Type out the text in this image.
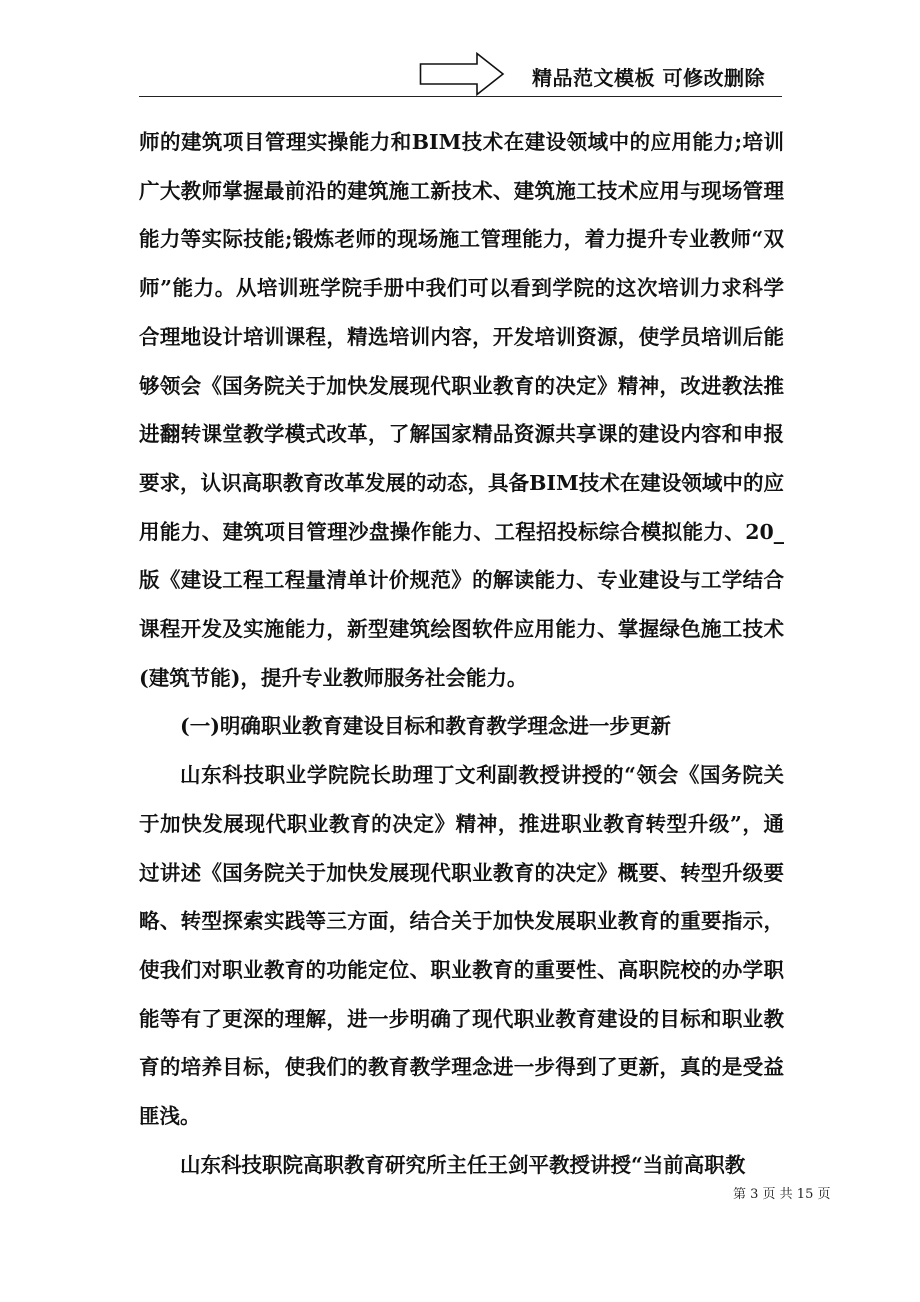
精品范文模板 可修改删除

师的建筑项目管理实操能力和BIM技术在建设领域中的应用能力;培训广大教师掌握最前沿的建筑施工新技术、建筑施工技术应用与现场管理能力等实际技能;锻炼老师的现场施工管理能力，着力提升专业教师“双师”能力。从培训班学院手册中我们可以看到学院的这次培训力求科学合理地设计培训课程，精选培训内容，开发培训资源，使学员培训后能够领会《国务院关于加快发展现代职业教育的决定》精神，改进教法推进翻转课堂教学模式改革，了解国家精品资源共享课的建设内容和申报要求，认识高职教育改革发展的动态，具备BIM技术在建设领域中的应用能力、建筑项目管理沙盘操作能力、工程招投标综合模拟能力、20_版《建设工程工程量清单计价规范》的解读能力、专业建设与工学结合课程开发及实施能力，新型建筑绘图软件应用能力、掌握绿色施工技术(建筑节能)，提升专业教师服务社会能力。

(一)明确职业教育建设目标和教育教学理念进一步更新

山东科技职业学院院长助理丁文利副教授讲授的“领会《国务院关于加快发展现代职业教育的决定》精神，推进职业教育转型升级”，通过讲述《国务院关于加快发展现代职业教育的决定》概要、转型升级要略、转型探索实践等三方面，结合关于加快发展职业教育的重要指示，使我们对职业教育的功能定位、职业教育的重要性、高职院校的办学职能等有了更深的理解，进一步明确了现代职业教育建设的目标和职业教育的培养目标，使我们的教育教学理念进一步得到了更新，真的是受益匪浅。

山东科技职院高职教育研究所主任王剑平教授讲授“当前高职教

第 3 页 共 15 页
